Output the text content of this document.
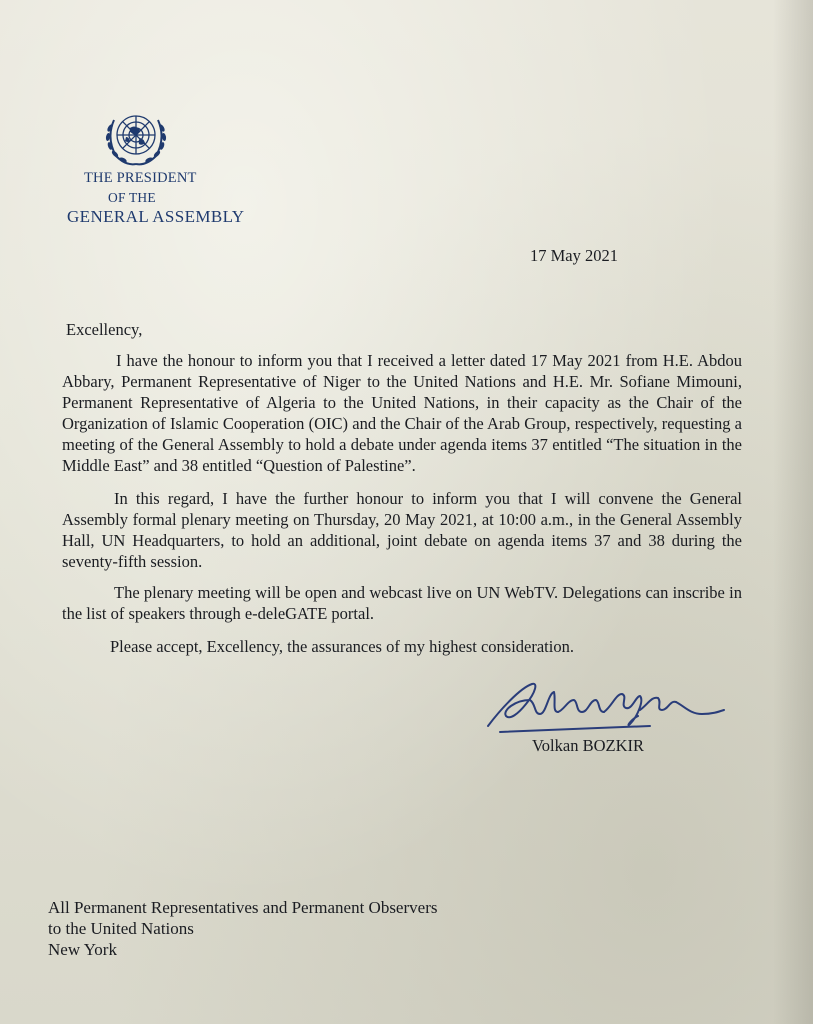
THE PRESIDENT
OF THE
GENERAL ASSEMBLY
17 May 2021
Excellency,

I have the honour to inform you that I received a letter dated 17 May 2021 from H.E. Abdou Abbary, Permanent Representative of Niger to the United Nations and H.E. Mr. Sofiane Mimouni, Permanent Representative of Algeria to the United Nations, in their capacity as the Chair of the Organization of Islamic Cooperation (OIC) and the Chair of the Arab Group, respectively, requesting a meeting of the General Assembly to hold a debate under agenda items 37 entitled “The situation in the Middle East” and 38 entitled “Question of Palestine”.

In this regard, I have the further honour to inform you that I will convene the General Assembly formal plenary meeting on Thursday, 20 May 2021, at 10:00 a.m., in the General Assembly Hall, UN Headquarters, to hold an additional, joint debate on agenda items 37 and 38 during the seventy-fifth session.

The plenary meeting will be open and webcast live on UN WebTV. Delegations can inscribe in the list of speakers through e-deleGATE portal.

Please accept, Excellency, the assurances of my highest consideration.

Volkan BOZKIR
All Permanent Representatives and Permanent Observers
to the United Nations
New York
